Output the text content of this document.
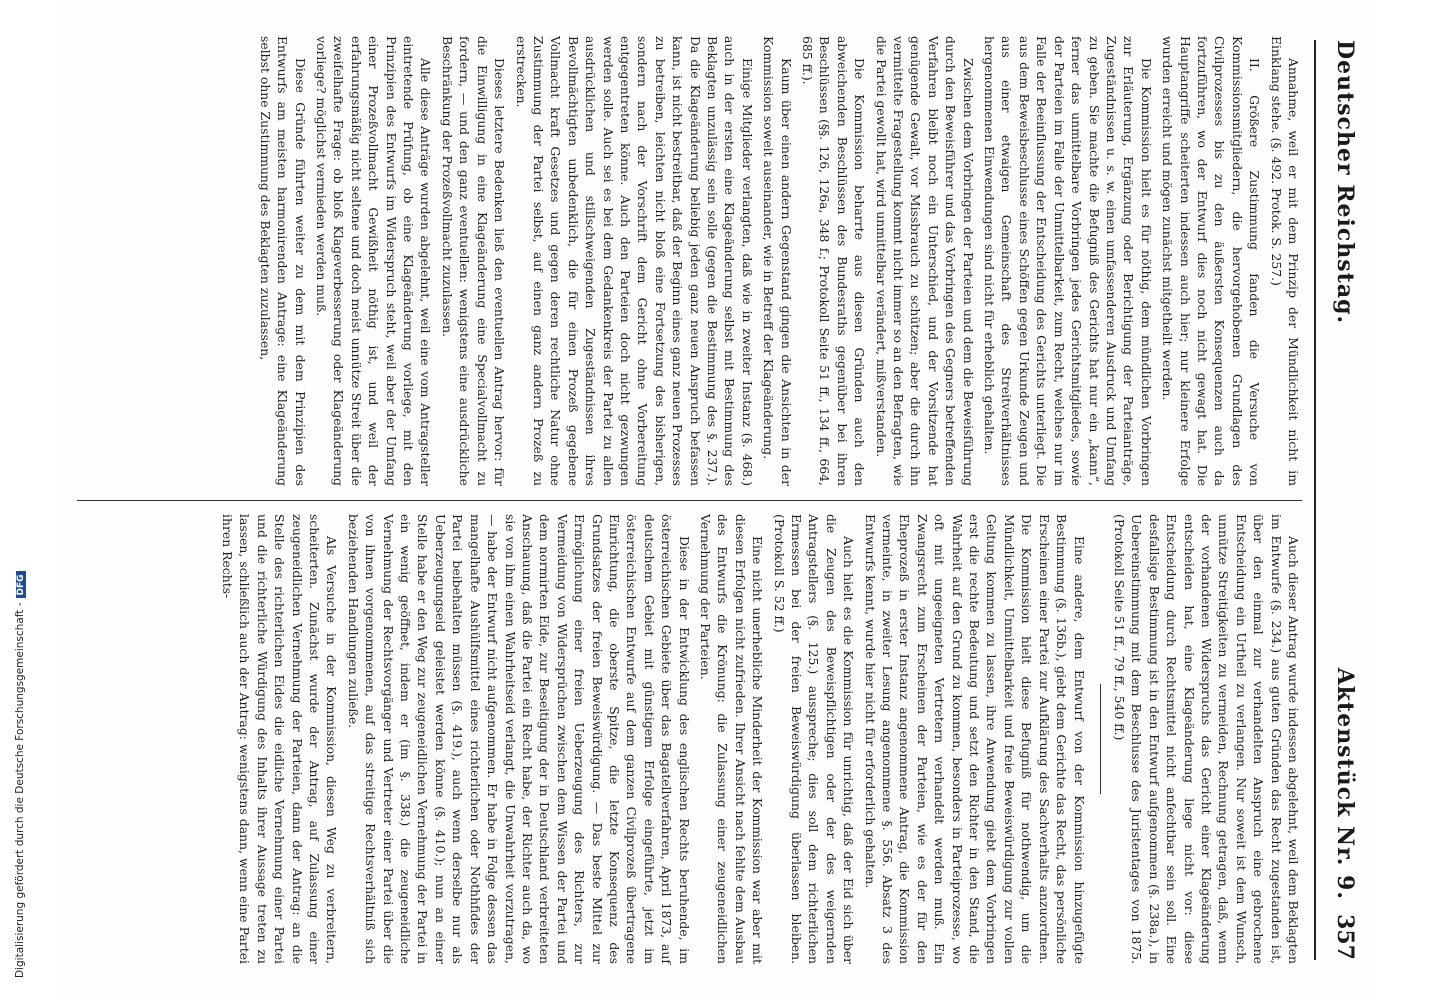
Deutscher Reichstag.
Aktenstück Nr. 9.
357

Annahme, weil er mit dem Prinzip der Mündlichkeit nicht im Einklang stehe. (§. 492. Protok. S. 257.)

II. Größere Zustimmung fanden die Versuche von Kommissionsmitgliedern, die hervorgehobenen Grundlagen des Civilprozesses bis zu den äußersten Konsequenzen auch da fortzuführen, wo der Entwurf dies noch nicht gewagt hat. Die Hauptangriffe scheiterten indessen auch hier; nur kleinere Erfolge wurden erreicht und mögen zunächst mitgetheilt werden.

Die Kommission hielt es für nöthig, dem mündlichen Vorbringen zur Erläuterung, Ergänzung oder Berichtigung der Parteianträge, Zugeständnissen u. s. w. einen umfassenderen Ausdruck und Umfang zu geben. Sie machte die Befugniß des Gerichts hat nur ein „kann“, ferner das unmittelbare Vorbringen jedes Gerichtsmitgliedes, sowie der Parteien im Falle der Unmittelbarkeit, zum Recht, welches nur im Falle der Beeinflussung der Entscheidung des Gerichts unterliegt. Die aus dem Beweisbeschlusse eines Schöffen gegen Urkunde Zeugen und aus einer etwaigen Gemeinschaft des Streitverhältnisses hergenommenen Einwendungen sind nicht für erheblich gehalten.

Zwischen dem Vorbringen der Parteien und dem die Beweisführung durch den Beweisführer und das Vorbringen des Gegners betreffenden Verfahren bleibt noch ein Unterschied, und der Vorsitzende hat genügende Gewalt, vor Missbrauch zu schützen; aber die durch ihn vermittelte Fragestellung kommt nicht immer so an den Befragten, wie die Partei gewollt hat, wird unmittelbar verändert, mißverstanden.

Die Kommission beharrte aus diesen Gründen auch den abweichenden Beschlüssen des Bundesraths gegenüber bei ihren Beschlüssen (§§. 126, 126a, 348 f.; Protokoll Seite 51 ff., 134 ff., 664, 685 ff.).

Kaum über einen andern Gegenstand gingen die Ansichten in der Kommission soweit auseinander, wie in Betreff der Klageänderung.

Einige Mitglieder verlangten, daß wie in zweiter Instanz (§. 468.) auch in der ersten eine Klageänderung selbst mit Bestimmung des Beklagten unzulässig sein solle (gegen die Bestimmung des §. 237.). Da die Klageänderung beliebig jeden ganz neuen Anspruch befassen kann, ist nicht bestreitbar, daß der Beginn eines ganz neuen Prozesses zu betreiben, leichten nicht bloß eine Fortsetzung des bisherigen, sondern nach der Vorschrift dem Gericht ohne Vorbereitung entgegentreten könne. Auch den Parteien doch nicht gezwungen werden solle. Auch sei es bei dem Gedankenkreis der Partei zu allen ausdrücklichen und stillschweigenden Zugeständnissen ihres Bevollmächtigten unbedenklich, die für einen Prozeß gegebene Vollmacht kraft Gesetzes und gegen deren rechtliche Natur ohne Zustimmung der Partei selbst, auf einen ganz andern Prozeß zu erstrecken.

Dieses letztere Bedenken ließ den eventuellen Antrag hervor: für die Einwilligung in eine Klageänderung eine Specialvollmacht zu fordern, — und den ganz eventuellen: wenigstens eine ausdrückliche Beschränkung der Prozeßvollmacht zuzulassen.

Alle diese Anträge wurden abgelehnt, weil eine vom Antragsteller eintretende Prüfung, ob eine Klageänderung vorliege, mit den Prinzipien des Entwurfs im Widerspruch steht, weil aber der Umfang einer Prozeßvollmacht Gewißheit nöthig ist, und weil der erfahrungsmäßig nicht seltene und doch meist unnütze Streit über die zweifelhafte Frage: ob bloß Klageverbesserung oder Klageänderung vorliege? möglichst vermieden werden muß.

Diese Gründe führten weiter zu dem mit dem Prinzipien des Entwurfs am meisten harmonirenden Antrage: eine Klageänderung selbst ohne Zustimmung des Beklagten zuzulassen,

Auch dieser Antrag wurde indessen abgelehnt, weil dem Beklagten im Entwurfe (§. 234.) aus guten Gründen das Recht zugestanden ist, über den einmal zur verhandelten Anspruch eine gebrochene Entscheidung ein Urtheil zu verlangen. Nur soweit ist dem Wunsch, unnütze Streitigkeiten zu vermeiden, Rechnung getragen, daß, wenn der vorhandenen Widerspruchs das Gericht einer Klageänderung entscheiden hat, eine Klageänderung liege nicht vor: diese Entscheidung durch Rechtsmittel nicht anfechtbar sein soll. Eine desfallsige Bestimmung ist in den Entwurf aufgenommen (§. 238a.), in Uebereinstimmung mit dem Beschlusse des Juristentages von 1875. (Protokoll Seite 51 ff., 79 ff., 540 ff.)

Eine andere, dem Entwurf von der Kommission hinzugefügte Bestimmung (§. 136b.), giebt dem Gerichte das Recht, das persönliche Erscheinen einer Partei zur Aufklärung des Sachverhalts anzuordnen. Die Kommission hielt diese Befugniß für nothwendig, um die Mündlichkeit, Unmittelbarkeit und freie Beweiswürdigung zur vollen Geltung kommen zu lassen, ihre Anwendung giebt dem Vorbringen erst die rechte Bedeutung und setzt den Richter in den Stand, die Wahrheit auf den Grund zu kommen, besonders in Parteiprozesse, wo oft mit ungeeigneten Vertretern verhandelt werden muß. Ein Zwangsrecht zum Erscheinen der Parteien, wie es der für den Eheprozeß in erster Instanz angenommene Antrag, die Kommission vermeinte, in zweiter Lesung angenommene §. 556. Absatz 3 des Entwurfs kennt, wurde hier nicht für erforderlich gehalten.

Auch hielt es die Kommission für unrichtig, daß der Eid sich über die Zeugen des Beweispflichtigen oder der des weigernden Antragstellers (§. 125.) ausspreche; dies soll dem richterlichen Ermessen bei der freien Beweiswürdigung überlassen bleiben. (Protokoll S. 52 ff.)

Eine nicht unerhebliche Minderheit der Kommission war aber mit diesen Erfolgen nicht zufrieden. Ihrer Ansicht nach fehlte dem Ausbau des Entwurfs die Krönung: die Zulassung einer zeugeneidlichen Vernehmung der Parteien.

Diese in der Entwicklung des englischen Rechts beruhende, im österreichischen Gebiete über das Bagatellverfahren, April 1873, auf deutschem Gebiet mit günstigem Erfolge eingeführte, jetzt im österreichischen Entwurfe auf dem ganzen Civilprozeß übertragene Einrichtung, die oberste Spitze, die letzte Konsequenz des Grundsatzes der freien Beweiswürdigung. — Das beste Mittel zur Ermöglichung einer freien Ueberzeugung des Richters, zur Vermeidung von Widersprüchen zwischen dem Wissen der Partei und dem normirten Eide, zur Beseitigung der in Deutschland verbreiteten Anschauung, daß die Partei ein Recht habe, der Richter auch da, wo sie von ihm einen Wahrheitseid verlangt, die Unwahrheit vorzutragen, — habe der Entwurf nicht aufgenommen. Er habe in Folge dessen das mangelhafte Aushülfsmittel eines richterlichen oder Nothhfides der Partei beibehalten müssen (§. 419.), auch wenn derselbe nur als Ueberzeugungseid geleistet werden könne (§. 410.); nun an einer Stelle habe er den Weg zur zeugeneidlichen Vernehmung der Partei in ein wenig geöffnet, indem er (im §. 338.) die zeugeneidliche Vernehmung der Rechtsvorgänger und Vertreter einer Partei über die von ihnen vorgenommenen, auf das streitige Rechtsverhältniß sich beziehenden Handlungen zuließe.

Als Versuche in der Kommission, diesen Weg zu verbreitern, scheiterten. Zunächst wurde der Antrag, auf Zulassung einer zeugeneidlichen Vernehmung der Parteien, dann der Antrag: an die Stelle des richterlichen Eides die eidliche Vernehmung einer Partei und die richterliche Würdigung des Inhalts ihrer Aussage treten zu lassen, schließlich auch der Antrag: wenigstens dann, wenn eine Partei ihren Rechts-

Digitalisierung gefördert durch die Deutsche Forschungsgemeinschaft -DFG
